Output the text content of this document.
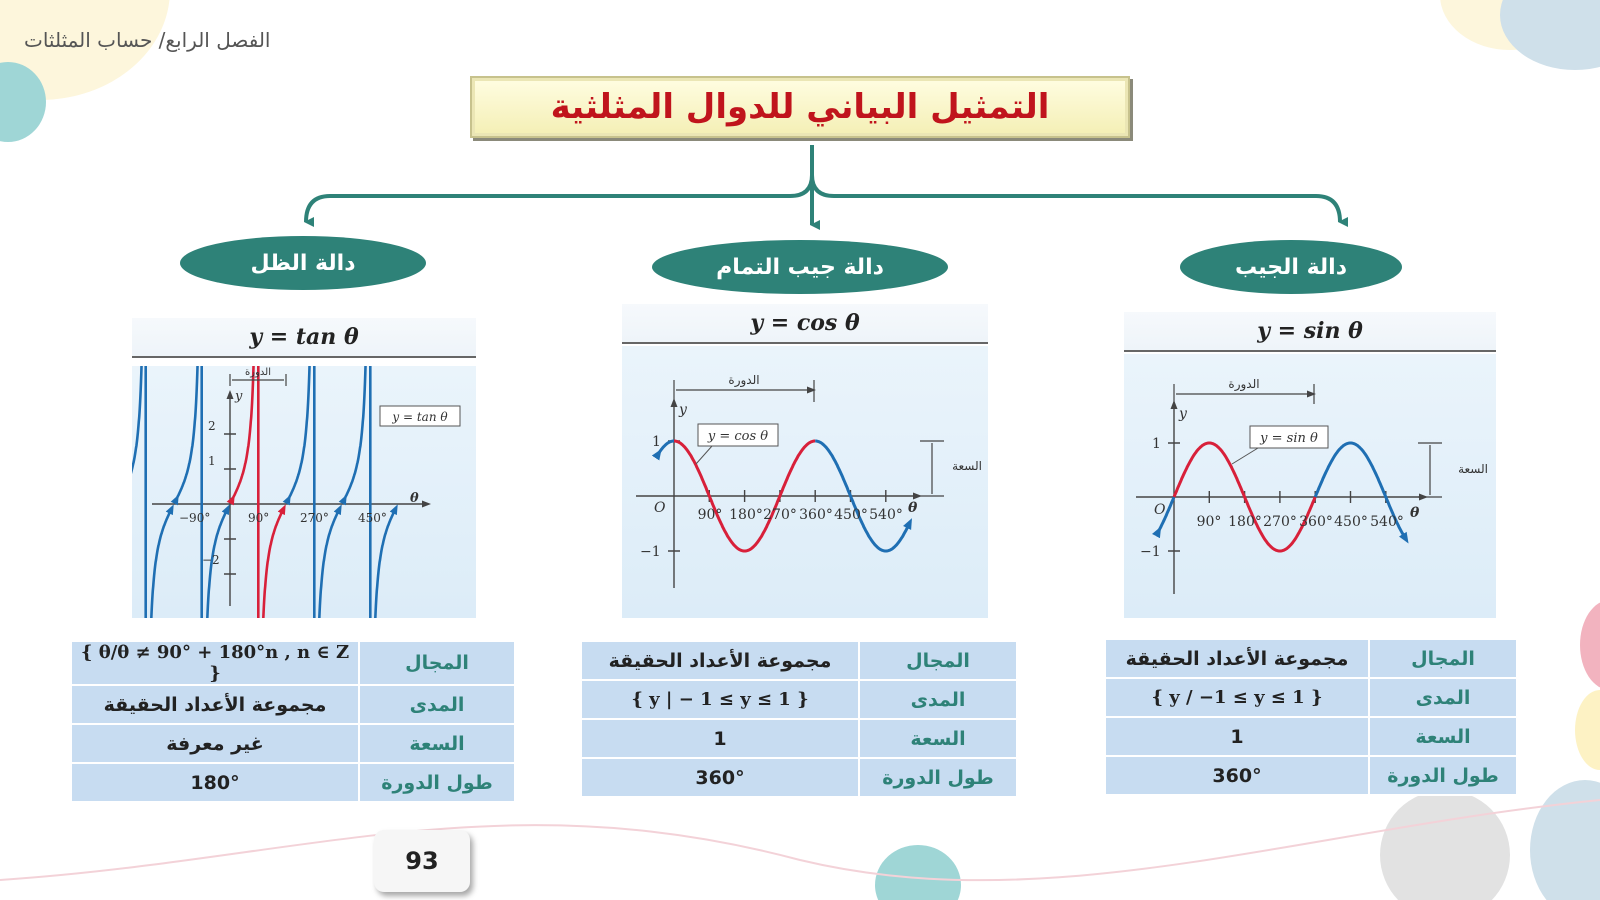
الفصل الرابع/ حساب المثلثات
التمثيل البياني للدوال المثلثية
دالة الظل	دالة جيب التمام	دالة الجيب
y = tan θ
y = cos θ	y = sin θ
−90°	90°	270° 450°
2
1
−2
θ
y
الدورة
y = tan θ
90° 180° 270° 360° 450° 540°
1
−1
O	θ
y
الدورة
السعة
y = cos θ
90° 180° 270° 360° 450° 540°
1
−1
O	θ
y
الدورة
السعة
y = sin θ
المجال	{ θ/θ ≠ 90° + 180°n , n ∈ Z }
المدى	مجموعة الأعداد الحقيقة
السعة	غير معرفة
طول الدورة	180°
المجال	مجموعة الأعداد الحقيقة
المدى	{ y | − 1 ≤ y ≤ 1 }
السعة	1
طول الدورة	360°
المجال	مجموعة الأعداد الحقيقة
المدى	{ y / −1 ≤ y ≤ 1 }
السعة	1
طول الدورة	360°
93
